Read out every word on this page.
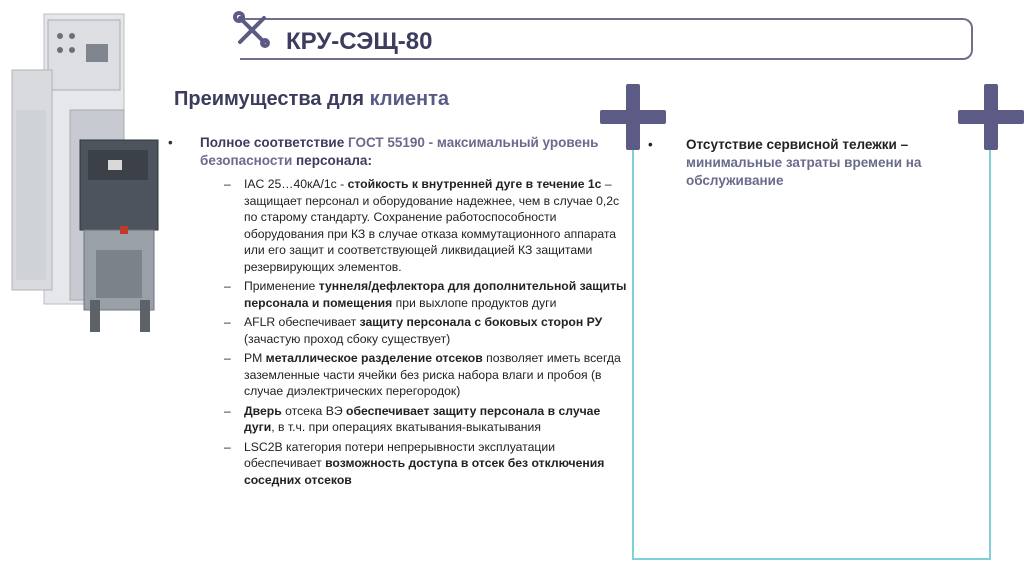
КРУ-СЭЩ-80
Преимущества для клиента
• Полное соответствие ГОСТ 55190 - максимальный уровень безопасности персонала:
– IAC 25…40кА/1с - стойкость к внутренней дуге в течение 1с – защищает персонал и оборудование надежнее, чем в случае 0,2с по старому стандарту. Сохранение работоспособности оборудования при КЗ в случае отказа коммутационного аппарата или его защит и соответствующей ликвидацией КЗ защитами резервирующих элементов.
– Применение туннеля/дефлектора для дополнительной защиты персонала и помещения при выхлопе продуктов дуги
– AFLR обеспечивает защиту персонала с боковых сторон РУ (зачастую проход сбоку существует)
– PM металлическое разделение отсеков позволяет иметь всегда заземленные части ячейки без риска набора влаги и пробоя (в случае диэлектрических перегородок)
– Дверь отсека ВЭ обеспечивает защиту персонала в случае дуги, в т.ч. при операциях вкатывания-выкатывания
– LSC2B категория потери непрерывности эксплуатации обеспечивает возможность доступа в отсек без отключения соседних отсеков
• Отсутствие сервисной тележки – минимальные затраты времени на обслуживание
